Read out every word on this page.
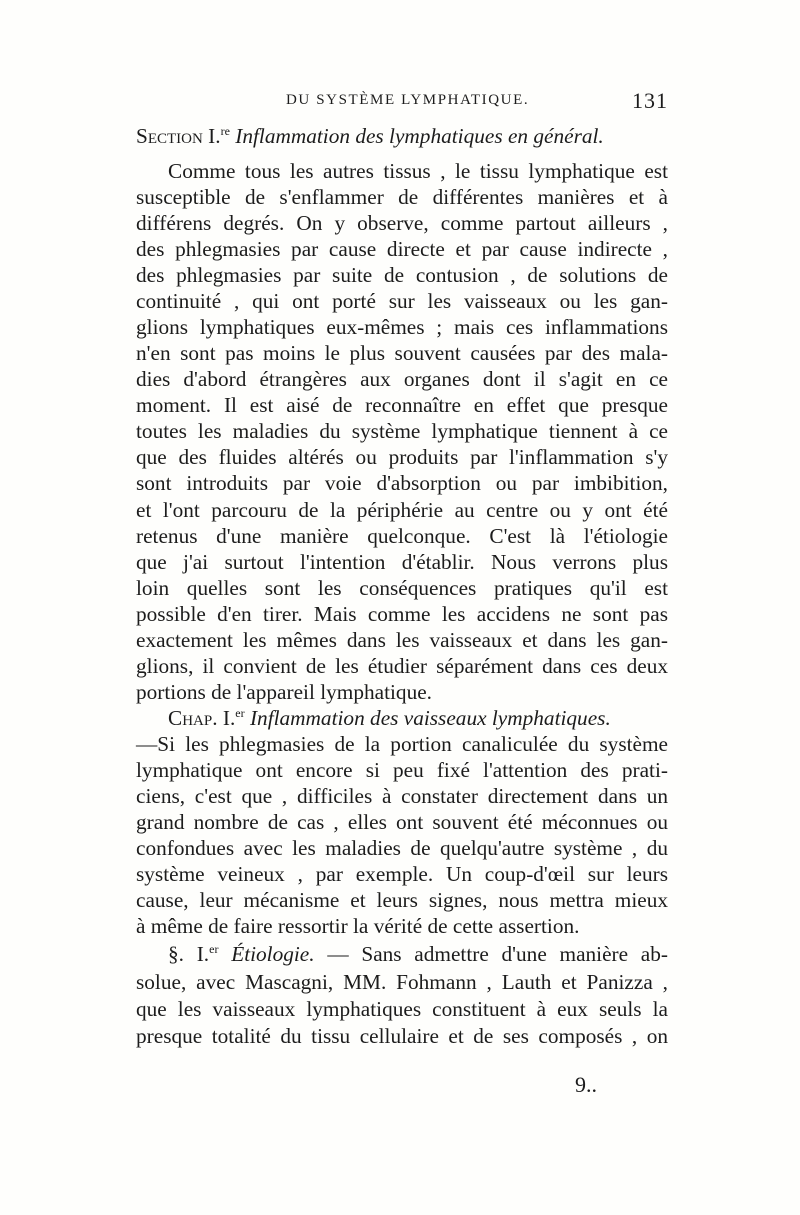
DU SYSTÈME LYMPHATIQUE.	131
Section I.$^{re}$ Inflammation des lymphatiques en général.
Comme tous les autres tissus , le tissu lymphatique est
susceptible de s'enflammer de différentes manières et à
différens degrés. On y observe, comme partout ailleurs ,
des phlegmasies par cause directe et par cause indirecte ,
des phlegmasies par suite de contusion , de solutions de
continuité , qui ont porté sur les vaisseaux ou les gan-
glions lymphatiques eux-mêmes ; mais ces inflammations
n'en sont pas moins le plus souvent causées par des mala-
dies d'abord étrangères aux organes dont il s'agit en ce
moment. Il est aisé de reconnaître en effet que presque
toutes les maladies du système lymphatique tiennent à ce
que des fluides altérés ou produits par l'inflammation s'y
sont introduits par voie d'absorption ou par imbibition,
et l'ont parcouru de la périphérie au centre ou y ont été
retenus d'une manière quelconque. C'est là l'étiologie
que j'ai surtout l'intention d'établir. Nous verrons plus
loin quelles sont les conséquences pratiques qu'il est
possible d'en tirer. Mais comme les accidens ne sont pas
exactement les mêmes dans les vaisseaux et dans les gan-
glions, il convient de les étudier séparément dans ces deux
portions de l'appareil lymphatique.
Chap. I.$^{er}$ Inflammation des vaisseaux lymphatiques.
—Si les phlegmasies de la portion canaliculée du système
lymphatique ont encore si peu fixé l'attention des prati-
ciens, c'est que , difficiles à constater directement dans un
grand nombre de cas , elles ont souvent été méconnues ou
confondues avec les maladies de quelqu'autre système , du
système veineux , par exemple. Un coup-d'œil sur leurs
cause, leur mécanisme et leurs signes, nous mettra mieux
à même de faire ressortir la vérité de cette assertion.
§. I.$^{er}$ Étiologie. — Sans admettre d'une manière ab-
solue, avec Mascagni, MM. Fohmann , Lauth et Panizza ,
que les vaisseaux lymphatiques constituent à eux seuls la
presque totalité du tissu cellulaire et de ses composés , on
9..
